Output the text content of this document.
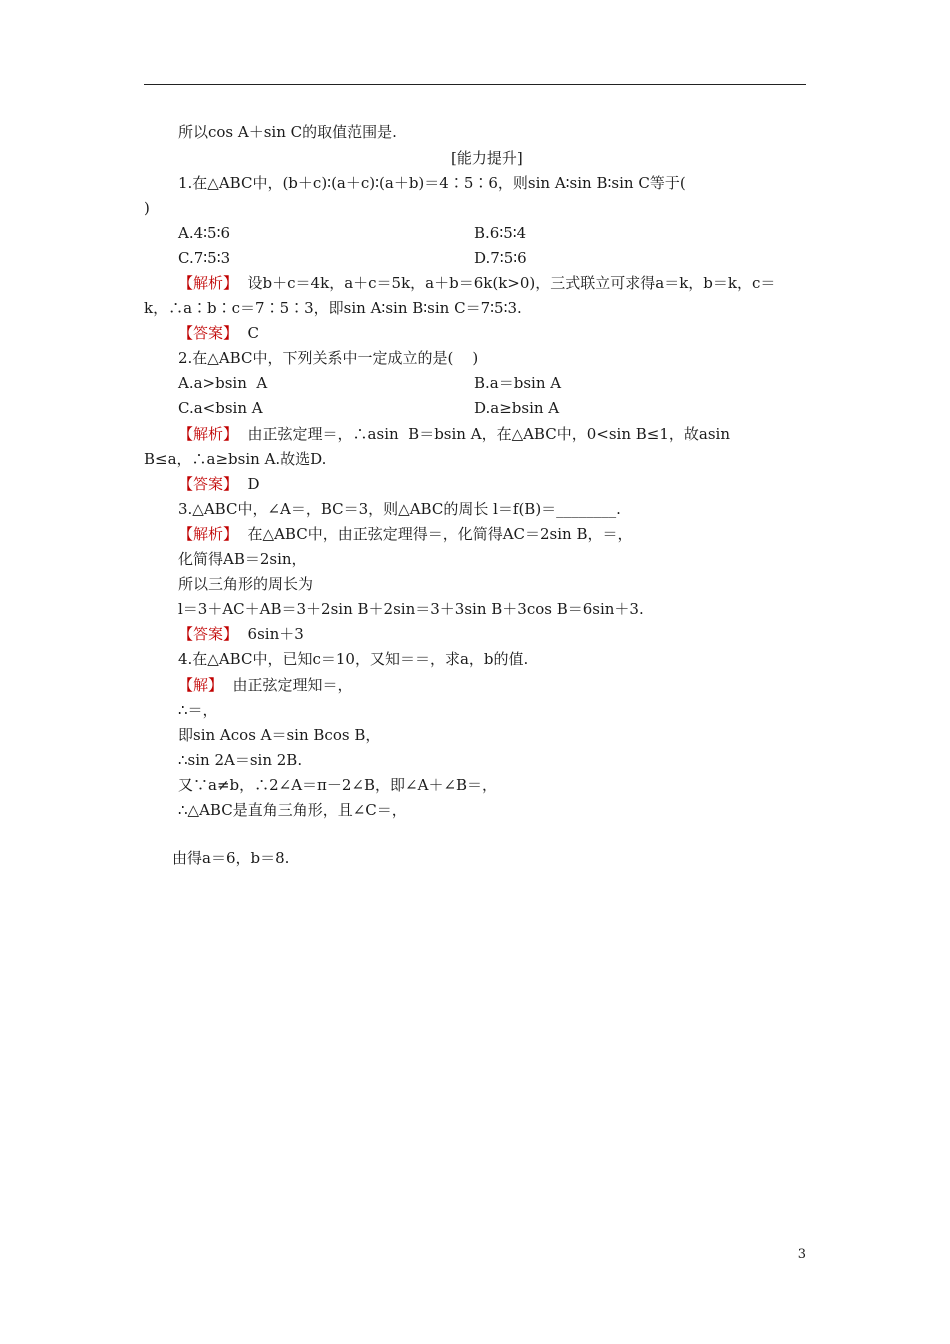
所以cos A＋sin C的取值范围是.
[能力提升]
1.在△ABC中，(b＋c)∶(a＋c)∶(a＋b)＝4∶5∶6，则sin A∶sin B∶sin C等于(
)
A.4∶5∶6	B.6∶5∶4
C.7∶5∶3	D.7∶5∶6
【解析】  设b＋c＝4k，a＋c＝5k，a＋b＝6k(k>0)，三式联立可求得a＝k，b＝k，c＝
k，∴a∶b∶c＝7∶5∶3，即sin A∶sin B∶sin C＝7∶5∶3.
【答案】  C
2.在△ABC中，下列关系中一定成立的是(    )
A.a>bsin  A	B.a＝bsin A
C.a<bsin A	D.a≥bsin A
【解析】  由正弦定理＝，∴asin  B＝bsin A，在△ABC中，0<sin B≤1，故asin
B≤a，∴a≥bsin A.故选D.
【答案】  D
3.△ABC中，∠A＝，BC＝3，则△ABC的周长 l＝f(B)＝________.
【解析】  在△ABC中，由正弦定理得＝，化简得AC＝2sin B，＝，
化简得AB＝2sin，
所以三角形的周长为
l＝3＋AC＋AB＝3＋2sin B＋2sin＝3＋3sin B＋3cos B＝6sin＋3.
【答案】  6sin＋3
4.在△ABC中，已知c＝10，又知＝＝，求a，b的值.
【解】  由正弦定理知＝，
∴＝，
即sin Acos A＝sin Bcos B，
∴sin 2A＝sin 2B.
又∵a≠b，∴2∠A＝π－2∠B，即∠A＋∠B＝，
∴△ABC是直角三角形，且∠C＝，
由得a＝6，b＝8.
3
